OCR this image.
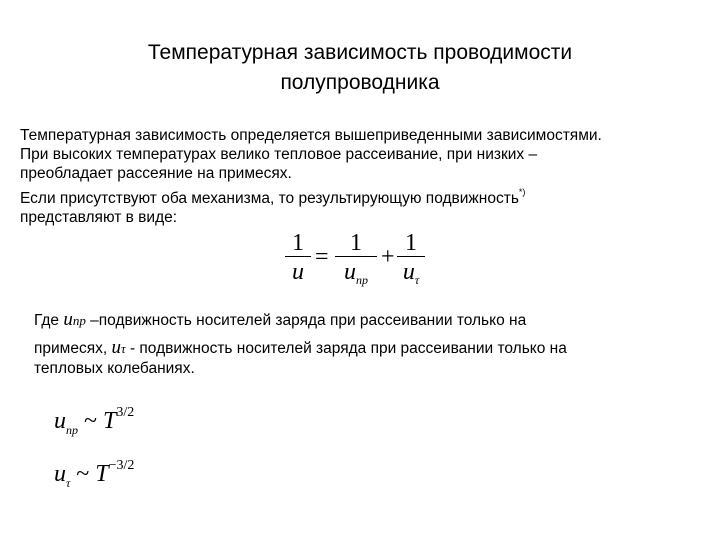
Температурная зависимость проводимости
полупроводника
Температурная зависимость определяется вышеприведенными зависимостями.
При высоких температурах велико тепловое рассеивание, при низких –
преобладает рассеяние на примесях.
Если присутствуют оба механизма, то результирующую подвижность*)
представляют в виде:
1
u
=
1
$u_{пр}$
+
1
$u_\tau$
Где uпр –подвижность носителей заряда при рассеивании только на
примесях, uτ - подвижность носителей заряда при рассеивании только на
тепловых колебаниях.
$u_{пр}$ ~ $T^{3/2}$
$u_\tau$ ~ $T^{-3/2}$
